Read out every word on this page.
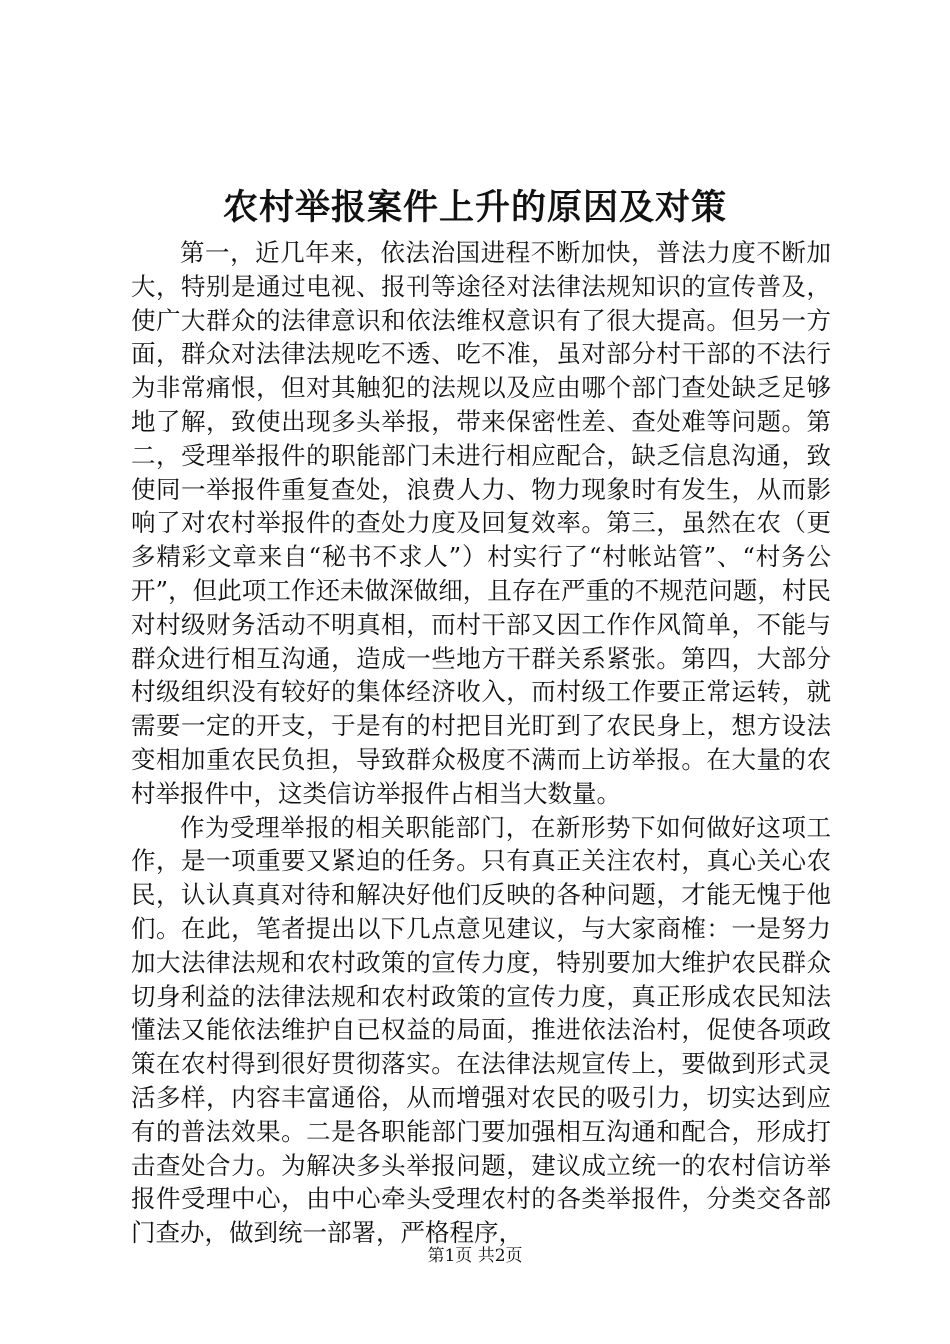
农村举报案件上升的原因及对策

第一，近几年来，依法治国进程不断加快，普法力度不断加大，特别是通过电视、报刊等途径对法律法规知识的宣传普及，使广大群众的法律意识和依法维权意识有了很大提高。但另一方面，群众对法律法规吃不透、吃不准，虽对部分村干部的不法行为非常痛恨，但对其触犯的法规以及应由哪个部门查处缺乏足够地了解，致使出现多头举报，带来保密性差、查处难等问题。第二，受理举报件的职能部门未进行相应配合，缺乏信息沟通，致使同一举报件重复查处，浪费人力、物力现象时有发生，从而影响了对农村举报件的查处力度及回复效率。第三，虽然在农（更多精彩文章来自“秘书不求人”）村实行了“村帐站管”、“村务公开”，但此项工作还未做深做细，且存在严重的不规范问题，村民对村级财务活动不明真相，而村干部又因工作作风简单，不能与群众进行相互沟通，造成一些地方干群关系紧张。第四，大部分村级组织没有较好的集体经济收入，而村级工作要正常运转，就需要一定的开支，于是有的村把目光盯到了农民身上，想方设法变相加重农民负担，导致群众极度不满而上访举报。在大量的农村举报件中，这类信访举报件占相当大数量。

作为受理举报的相关职能部门，在新形势下如何做好这项工作，是一项重要又紧迫的任务。只有真正关注农村，真心关心农民，认认真真对待和解决好他们反映的各种问题，才能无愧于他们。在此，笔者提出以下几点意见建议，与大家商榷：一是努力加大法律法规和农村政策的宣传力度，特别要加大维护农民群众切身利益的法律法规和农村政策的宣传力度，真正形成农民知法懂法又能依法维护自已权益的局面，推进依法治村，促使各项政策在农村得到很好贯彻落实。在法律法规宣传上，要做到形式灵活多样，内容丰富通俗，从而增强对农民的吸引力，切实达到应有的普法效果。二是各职能部门要加强相互沟通和配合，形成打击查处合力。为解决多头举报问题，建议成立统一的农村信访举报件受理中心，由中心牵头受理农村的各类举报件，分类交各部门查办，做到统一部署，严格程序，

第1页 共2页
